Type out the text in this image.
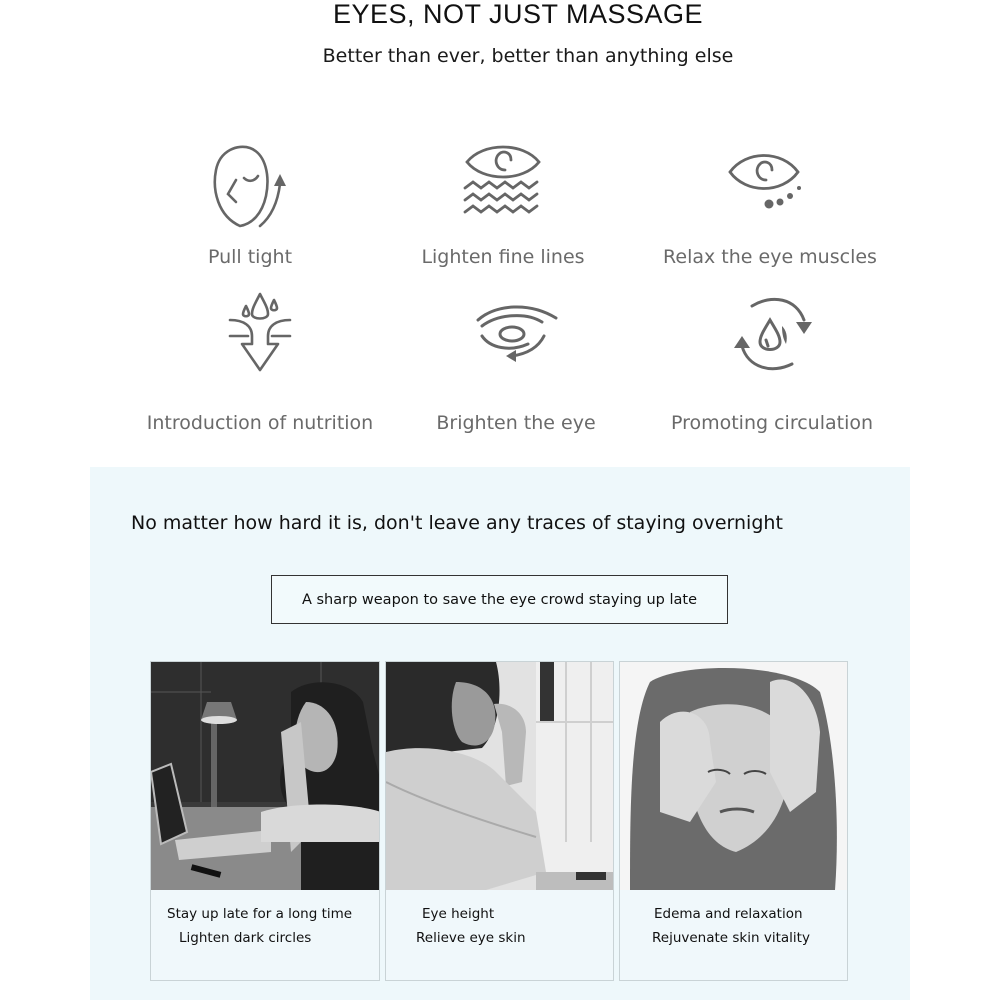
EYES, NOT JUST MASSAGE
Better than ever, better than anything else
Pull tight	Lighten fine lines	Relax the eye muscles
Introduction of nutrition	Brighten the eye	Promoting circulation
No matter how hard it is, don't leave any traces of staying overnight
A sharp weapon to save the eye crowd staying up late
Stay up late for a long time
Lighten dark circles
Eye height
Relieve eye skin
Edema and relaxation
Rejuvenate skin vitality
